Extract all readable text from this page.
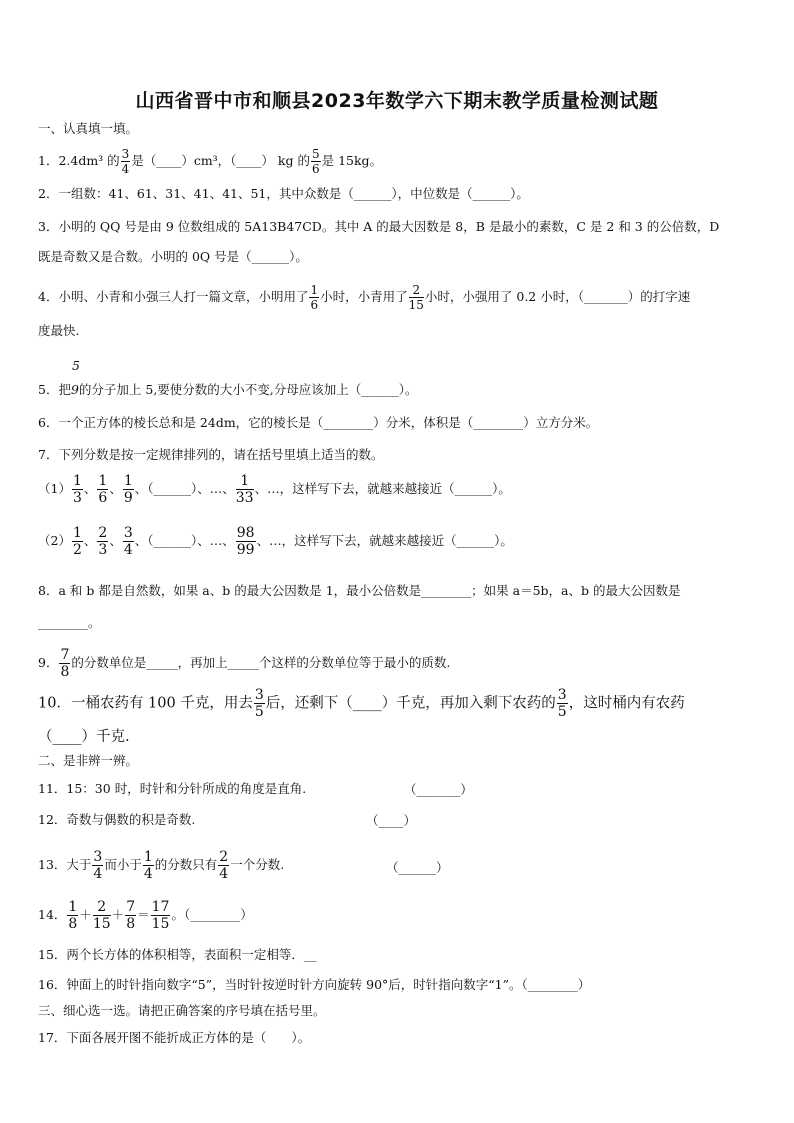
山西省晋中市和顺县2023年数学六下期末教学质量检测试题
一、认真填一填。
1．2.4dm³ 的 $\frac{3}{4}$ 是（____）cm³，（____） kg 的 $\frac{5}{6}$ 是 15kg。
2．一组数：41、61、31、41、41、51，其中众数是（______），中位数是（______）。
3．小明的 QQ 号是由 9 位数组成的 5A13B47CD。其中 A 的最大因数是 8，B 是最小的素数，C 是 2 和 3 的公倍数，D
既是奇数又是合数。小明的 0Q 号是（______）。
4．小明、小青和小强三人打一篇文章，小明用了 $\frac{1}{6}$ 小时，小青用了 $\frac{2}{15}$ 小时，小强用了 0.2 小时，（_______）的打字速
度最快.
5
5．把9的分子加上 5,要使分数的大小不变,分母应该加上（______）。
6．一个正方体的棱长总和是 24dm，它的棱长是（________）分米，体积是（________）立方分米。
7．下列分数是按一定规律排列的，请在括号里填上适当的数。
$(1) \frac{1}{3}$ 、 $\frac{1}{6}$ 、 $\frac{1}{9}$ 、（______）、…、 $\frac{1}{33}$ 、…，这样写下去，就越来越接近（______）。
$(2) \frac{1}{2}$ 、 $\frac{2}{3}$ 、 $\frac{3}{4}$ 、（______）、…、 $\frac{98}{99}$ 、…，这样写下去，就越来越接近（______）。
8．a 和 b 都是自然数，如果 a、b 的最大公因数是 1，最小公倍数是________；如果 a＝5b，a、b 的最大公因数是
________。
9． $\frac{7}{8}$ 的分数单位是_____，再加上_____个这样的分数单位等于最小的质数.
10．一桶农药有 100 千克，用去 $\frac{3}{5}$ 后，还剩下（____）千克，再加入剩下农药的 $\frac{3}{5}$ ，这时桶内有农药
（____）千克.
二、是非辨一辨。
11．15：30 时，时针和分针所成的角度是直角.	（_______）
12．奇数与偶数的积是奇数.	（____）
13．大于 $\frac{3}{4}$ 而小于 $\frac{1}{4}$ 的分数只有 $\frac{2}{4}$ 一个分数.	（______）
14． $\frac{1}{8} + \frac{2}{15} + \frac{7}{8} = \frac{17}{15}$ 。（________）
15．两个长方体的体积相等，表面积一定相等．__
16．钟面上的时针指向数字“5”，当时针按逆时针方向旋转 90°后，时针指向数字“1”。（________）
三、细心选一选。请把正确答案的序号填在括号里。
17．下面各展开图不能折成正方体的是（　　）。
